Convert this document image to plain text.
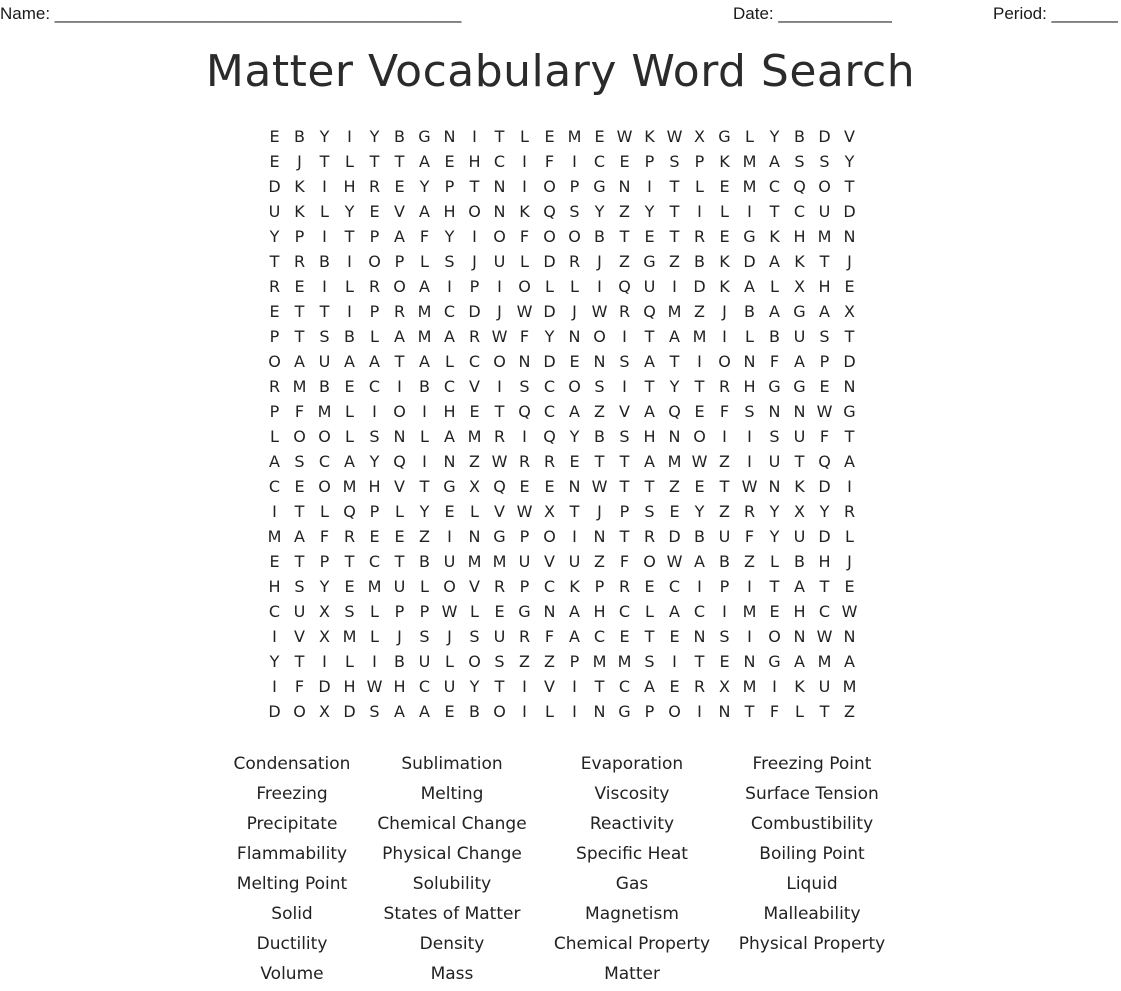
Name: ___________________________________________	Date: ____________	Period: _______
Matter Vocabulary Word Search
E B Y	I	Y B G N	I	T L E M E W K W X G L Y B D V
E	J	T L T T A E H C	I	F	I	C E P S P K M A S S Y
D K	I	H R E Y P T N	I	O P G N	I	T L E M C Q O T
U K L Y E V A H O N K Q S Y Z Y T	I	L	I	T C U D
Y P	I	T P A F Y	I	O F O O B T E T R E G K H M N
T R B	I	O P L S	J	U L D R	J	Z G Z B K D A K T	J
R E	I	L R O A	I	P	I	O L	L	I	Q U	I	D K A L X H E
E T T	I	P R M C D	J W D	J W R Q M Z	J	B A G A X
P T S B L A M A R W F Y N O	I	T A M I	L B U S T
O A U A A T A L C O N D E N S A T	I	O N F A P D
R M B E C	I	B C V	I	S C O S	I	T Y T R H G G E N
P F M L	I	O	I	H E T Q C A Z V A Q E F S N N W G
L O O L S N L A M R	I	Q Y B S H N O	I	I	S U F T
A S C A Y Q	I	N Z W R R E T T A M W Z	I	U T Q A
C E O M H V T G X Q E E N W T T Z E T W N K D	I
I	T L Q P L Y E L V W X T	J	P S E Y Z R Y X Y R
M A F R E E Z	I	N G P O	I	N T R D B U F Y U D L
E T P T C T B U M M U V U Z F O W A B Z L B H	J
H S Y E M U L O V R P C K P R E C	I	P	I	T A T E
C U X S L P P W L E G N A H C L A C	I M E H C W
I	V X M L	J	S	J	S U R F A C E T E N S	I	O N W N
Y T	I	L	I	B U L O S Z Z P M M S	I	T E N G A M A
I	F D H W H C U Y T	I	V	I	T C A E R X M I	K U M
D O X D S A A E B O	I	L	I	N G P O	I	N T F L T Z
Condensation	Sublimation	Evaporation	Freezing Point
Freezing	Melting	Viscosity	Surface Tension
Precipitate	Chemical Change	Reactivity	Combustibility
Flammability	Physical Change	Specific Heat	Boiling Point
Melting Point	Solubility	Gas	Liquid
Solid	States of Matter	Magnetism	Malleability
Ductility	Density	Chemical Property	Physical Property
Volume	Mass	Matter
